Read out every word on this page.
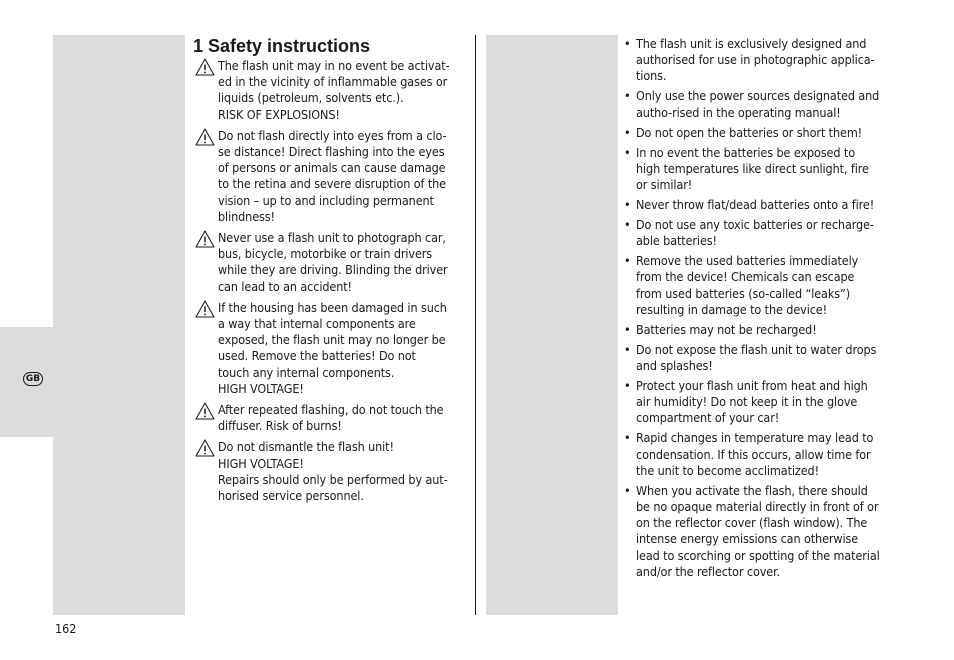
GB
1 Safety instructions
The flash unit may in no event be activat-
ed in the vicinity of inflammable gases or
liquids (petroleum, solvents etc.).
RISK OF EXPLOSIONS!
Do not flash directly into eyes from a clo-
se distance! Direct flashing into the eyes
of persons or animals can cause damage
to the retina and severe disruption of the
vision – up to and including permanent
blindness!
Never use a flash unit to photograph car,
bus, bicycle, motorbike or train drivers
while they are driving. Blinding the driver
can lead to an accident!
If the housing has been damaged in such
a way that internal components are
exposed, the flash unit may no longer be
used. Remove the batteries! Do not
touch any internal components.
HIGH VOLTAGE!
After repeated flashing, do not touch the
diffuser. Risk of burns!
Do not dismantle the flash unit!
HIGH VOLTAGE!
Repairs should only be performed by aut-
horised service personnel.
• The flash unit is exclusively designed and
authorised for use in photographic applica-
tions.
• Only use the power sources designated and
autho-rised in the operating manual!
• Do not open the batteries or short them!
• In no event the batteries be exposed to
high temperatures like direct sunlight, fire
or similar!
• Never throw flat/dead batteries onto a fire!
• Do not use any toxic batteries or recharge-
able batteries!
• Remove the used batteries immediately
from the device! Chemicals can escape
from used batteries (so-called “leaks”)
resulting in damage to the device!
• Batteries may not be recharged!
• Do not expose the flash unit to water drops
and splashes!
• Protect your flash unit from heat and high
air humidity! Do not keep it in the glove
compartment of your car!
• Rapid changes in temperature may lead to
condensation. If this occurs, allow time for
the unit to become acclimatized!
• When you activate the flash, there should
be no opaque material directly in front of or
on the reflector cover (flash window). The
intense energy emissions can otherwise
lead to scorching or spotting of the material
and/or the reflector cover.
162
